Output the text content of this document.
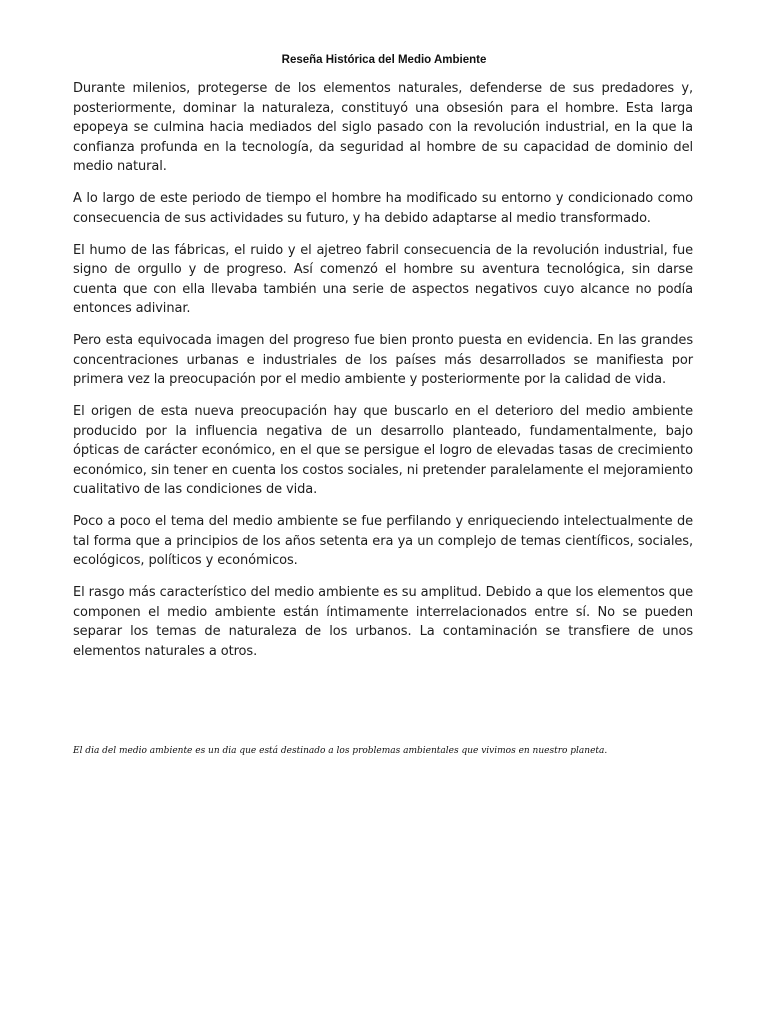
Reseña Histórica del Medio Ambiente

Durante milenios, protegerse de los elementos naturales, defenderse de sus predadores y, posteriormente, dominar la naturaleza, constituyó una obsesión para el hombre. Esta larga epopeya se culmina hacia mediados del siglo pasado con la revolución industrial, en la que la confianza profunda en la tecnología, da seguridad al hombre de su capacidad de dominio del medio natural.

A lo largo de este periodo de tiempo el hombre ha modificado su entorno y condicionado como consecuencia de sus actividades su futuro, y ha debido adaptarse al medio transformado.

El humo de las fábricas, el ruido y el ajetreo fabril consecuencia de la revolución industrial, fue signo de orgullo y de progreso. Así comenzó el hombre su aventura tecnológica, sin darse cuenta que con ella llevaba también una serie de aspectos negativos cuyo alcance no podía entonces adivinar.

Pero esta equivocada imagen del progreso fue bien pronto puesta en evidencia. En las grandes concentraciones urbanas e industriales de los países más desarrollados se manifiesta por primera vez la preocupación por el medio ambiente y posteriormente por la calidad de vida.

El origen de esta nueva preocupación hay que buscarlo en el deterioro del medio ambiente producido por la influencia negativa de un desarrollo planteado, fundamentalmente, bajo ópticas de carácter económico, en el que se persigue el logro de elevadas tasas de crecimiento económico, sin tener en cuenta los costos sociales, ni pretender paralelamente el mejoramiento cualitativo de las condiciones de vida.

Poco a poco el tema del medio ambiente se fue perfilando y enriqueciendo intelectualmente de tal forma que a principios de los años setenta era ya un complejo de temas científicos, sociales, ecológicos, políticos y económicos.

El rasgo más característico del medio ambiente es su amplitud. Debido a que los elementos que componen el medio ambiente están íntimamente interrelacionados entre sí. No se pueden separar los temas de naturaleza de los urbanos. La contaminación se transfiere de unos elementos naturales a otros.

El dia del medio ambiente es un dia que está destinado a los problemas ambientales que vivimos en nuestro planeta.
